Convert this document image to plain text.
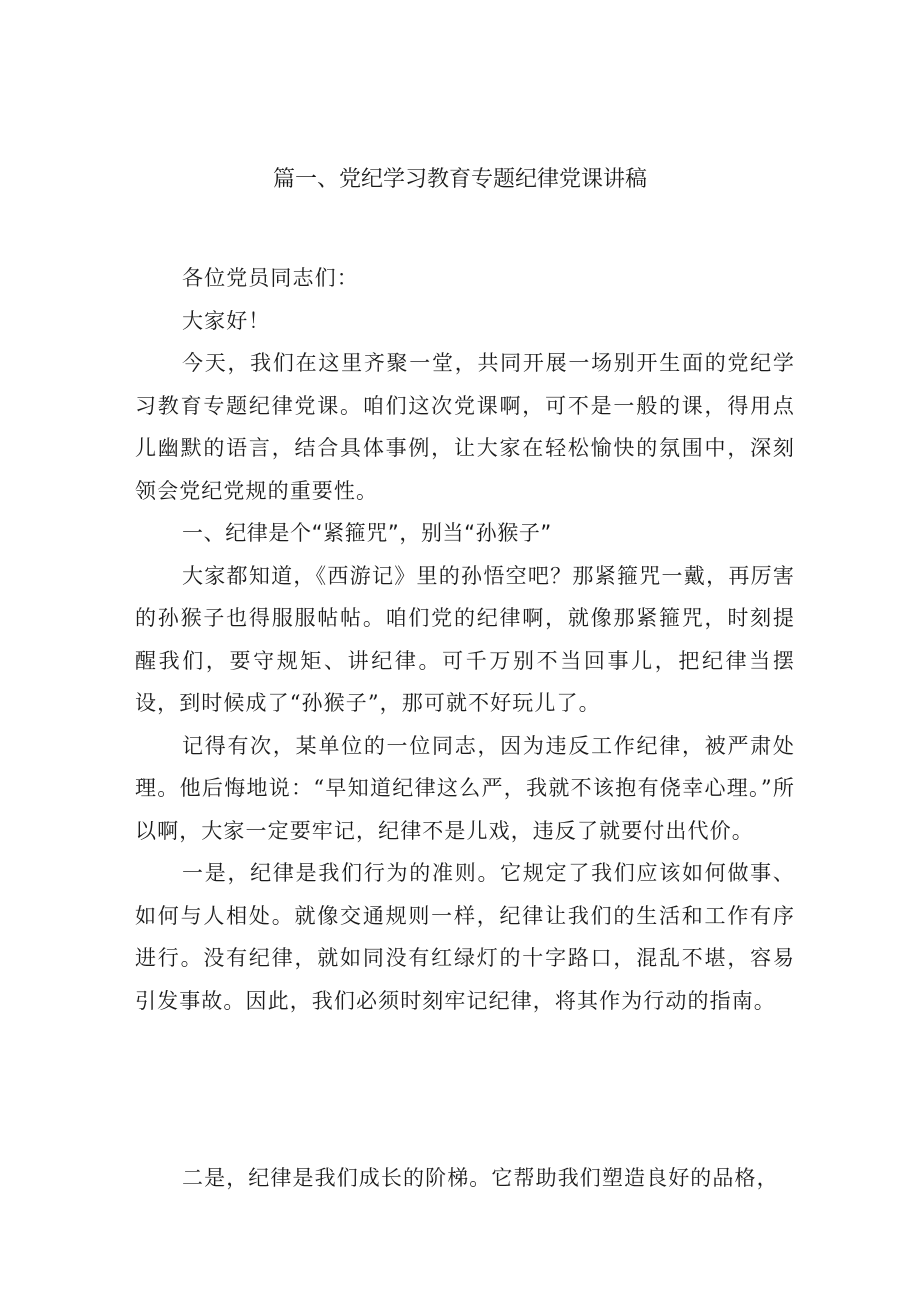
篇一、党纪学习教育专题纪律党课讲稿

各位党员同志们：

大家好！

今天，我们在这里齐聚一堂，共同开展一场别开生面的党纪学习教育专题纪律党课。咱们这次党课啊，可不是一般的课，得用点儿幽默的语言，结合具体事例，让大家在轻松愉快的氛围中，深刻领会党纪党规的重要性。

一、纪律是个“紧箍咒”，别当“孙猴子”

大家都知道，《西游记》里的孙悟空吧？那紧箍咒一戴，再厉害的孙猴子也得服服帖帖。咱们党的纪律啊，就像那紧箍咒，时刻提醒我们，要守规矩、讲纪律。可千万别不当回事儿，把纪律当摆设，到时候成了“孙猴子”，那可就不好玩儿了。

记得有次，某单位的一位同志，因为违反工作纪律，被严肃处理。他后悔地说：“早知道纪律这么严，我就不该抱有侥幸心理。”所以啊，大家一定要牢记，纪律不是儿戏，违反了就要付出代价。

一是，纪律是我们行为的准则。它规定了我们应该如何做事、如何与人相处。就像交通规则一样，纪律让我们的生活和工作有序进行。没有纪律，就如同没有红绿灯的十字路口，混乱不堪，容易引发事故。因此，我们必须时刻牢记纪律，将其作为行动的指南。

二是，纪律是我们成长的阶梯。它帮助我们塑造良好的品格，
